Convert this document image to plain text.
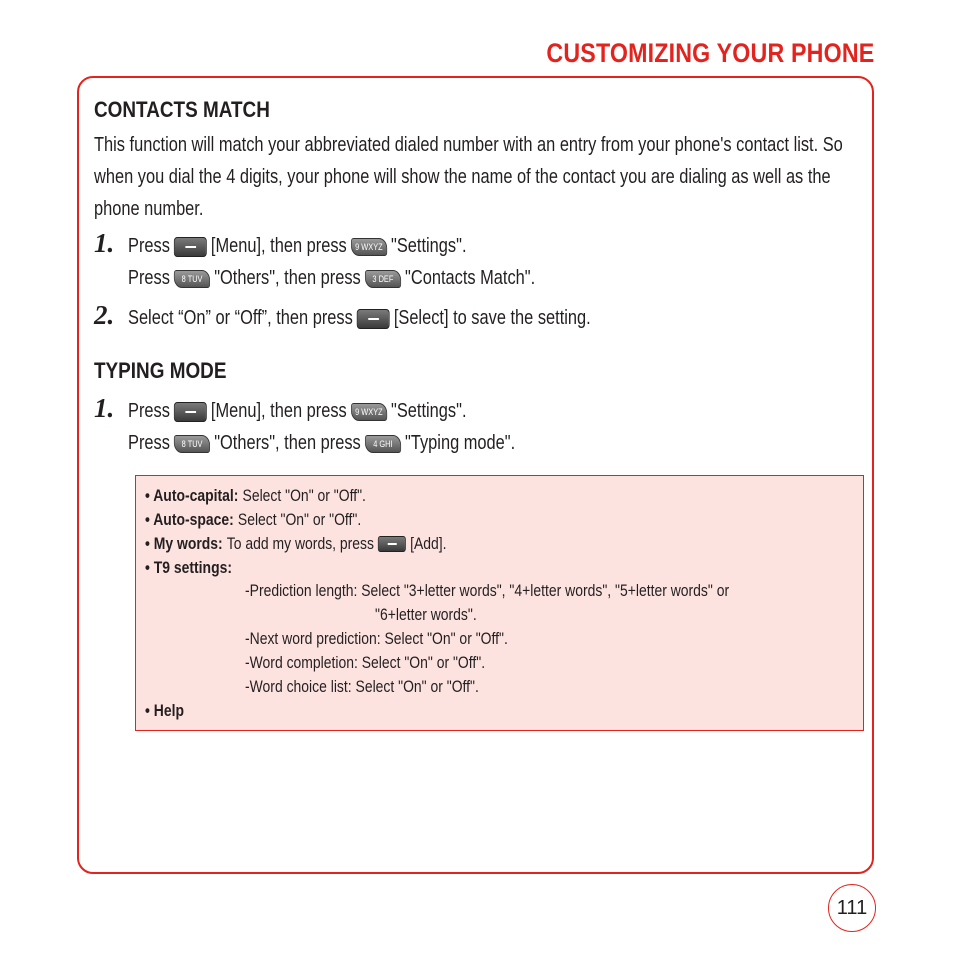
CUSTOMIZING YOUR PHONE
CONTACTS MATCH
This function will match your abbreviated dialed number with an entry from your phone's contact list. So when you dial the 4 digits, your phone will show the name of the contact you are dialing as well as the phone number.
1. Press [Menu], then press 9 WXYZ "Settings".
Press	8 TUV "Others", then press	3 DEF "Contacts Match".
2. Select “On” or “Off”, then press [Select] to save the setting.
TYPING MODE
1. Press [Menu], then press 9 WXYZ "Settings".
Press	8 TUV "Others", then press	4 GHI "Typing mode".
• Auto-capital: Select "On" or "Off".
• Auto-space: Select "On" or "Off".
• My words: To add my words, press [Add].
• T9 settings:
-Prediction length: Select "3+letter words", "4+letter words", "5+letter words" or
"6+letter words".
-Next word prediction: Select "On" or "Off".
-Word completion: Select "On" or "Off".
-Word choice list: Select "On" or "Off".
• Help
111
